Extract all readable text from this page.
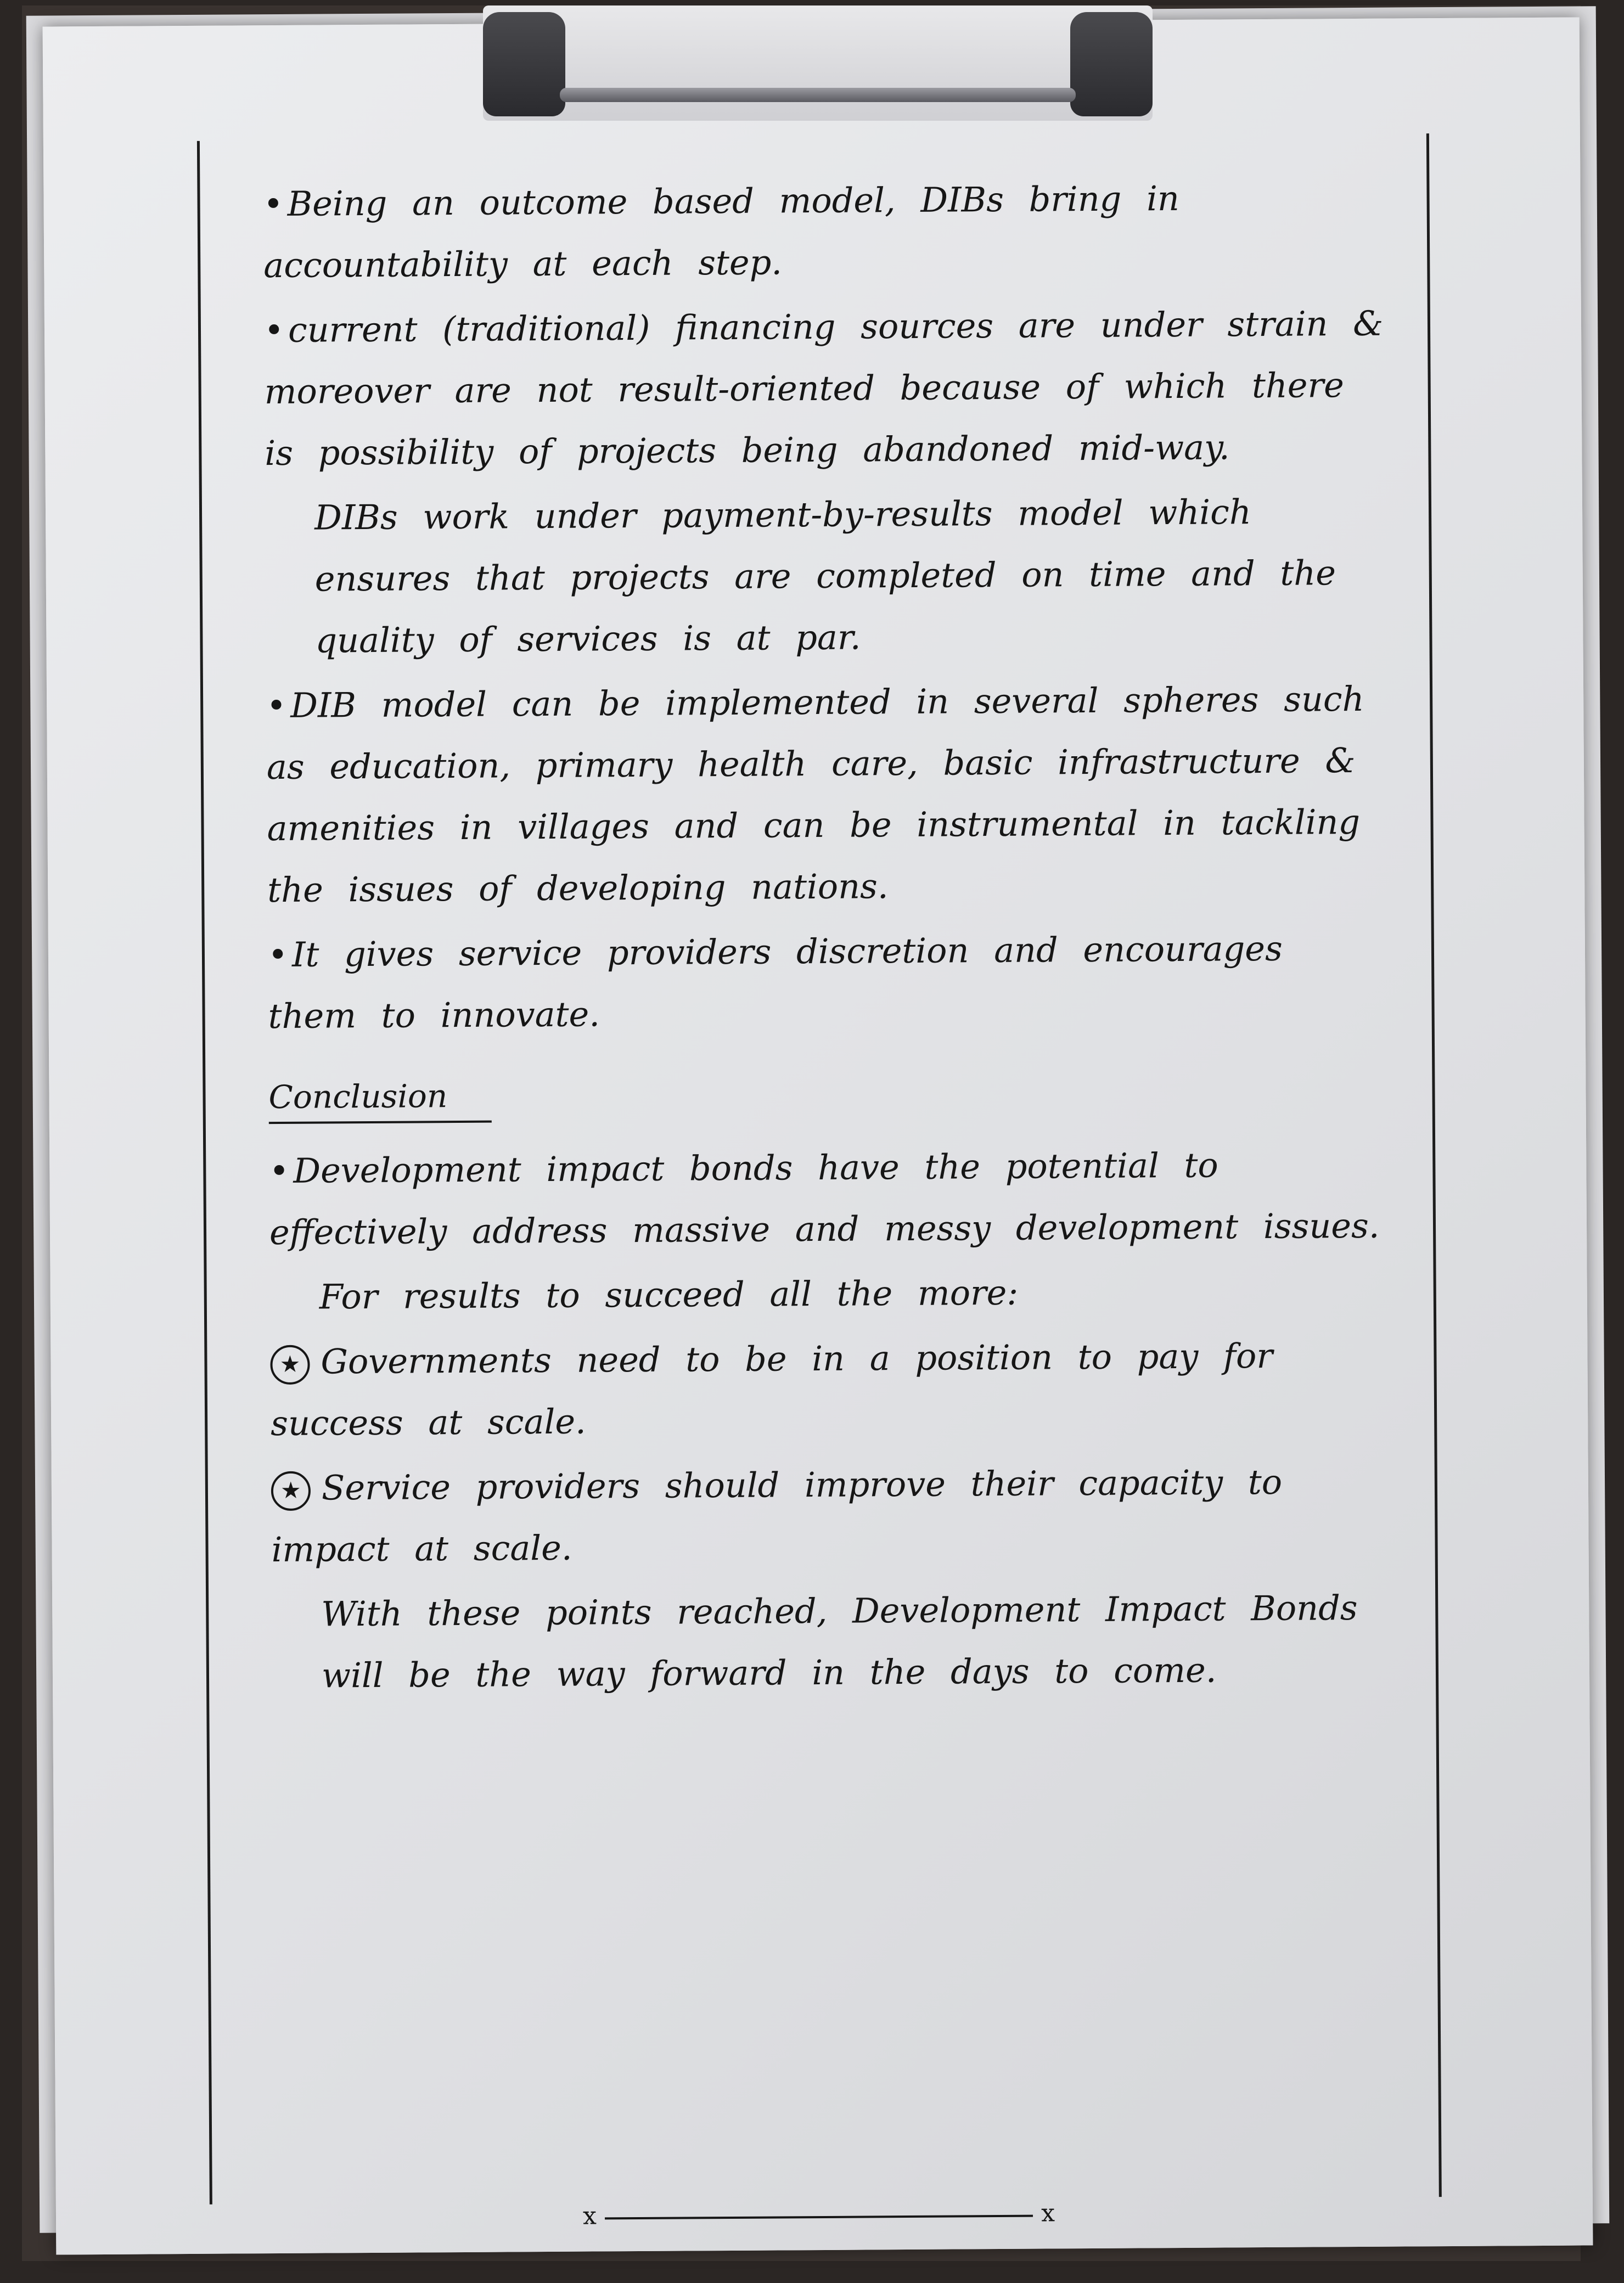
• Being an outcome based model, DIBs bring in accountability at each step.

• current (traditional) financing sources are under strain & moreover are not result-oriented because of which there is possibility of projects being abandoned mid-way.

DIBs work under payment-by-results model which ensures that projects are completed on time and the quality of services is at par.

• DIB model can be implemented in several spheres such as education, primary health care, basic infrastructure & amenities in villages and can be instrumental in tackling the issues of developing nations.

• It gives service providers discretion and encourages them to innovate.

Conclusion

• Development impact bonds have the potential to effectively address massive and messy development issues.

For results to succeed all the more:

★ Governments need to be in a position to pay for success at scale.

★ Service providers should improve their capacity to impact at scale.

With these points reached, Development Impact Bonds will be the way forward in the days to come.

x	x
